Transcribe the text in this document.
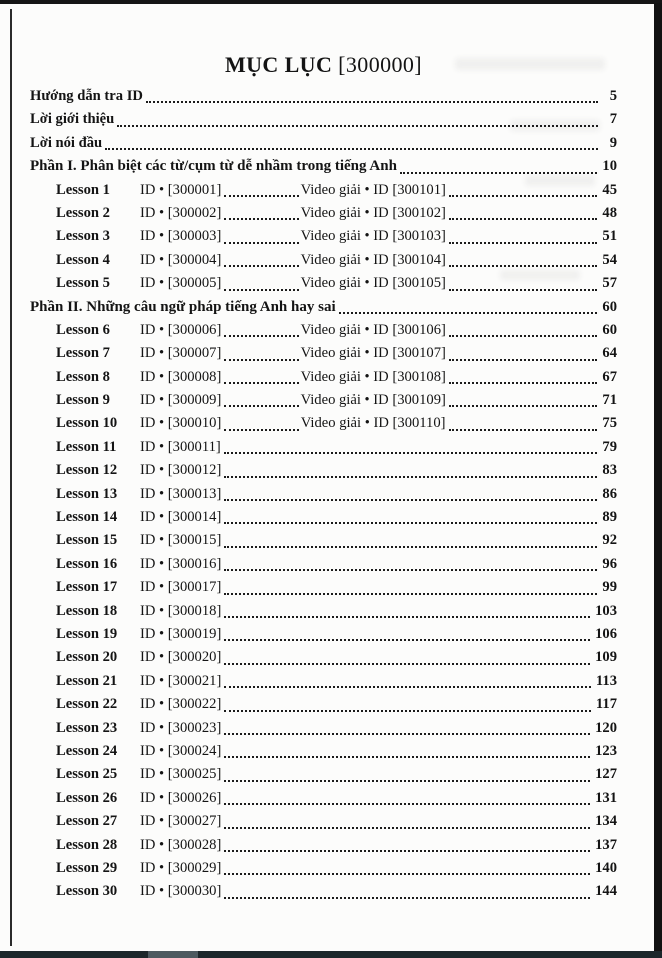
MỤC LỤC [300000]
Hướng dẫn tra ID	5
Lời giới thiệu	7
Lời nói đầu	9
Phần I. Phân biệt các từ/cụm từ dễ nhầm trong tiếng Anh	10
Lesson 1	ID • [300001]	Video giải • ID [300101]	45
Lesson 2	ID • [300002]	Video giải • ID [300102]	48
Lesson 3	ID • [300003]	Video giải • ID [300103]	51
Lesson 4	ID • [300004]	Video giải • ID [300104]	54
Lesson 5	ID • [300005]	Video giải • ID [300105]	57
Phần II. Những câu ngữ pháp tiếng Anh hay sai	60
Lesson 6	ID • [300006]	Video giải • ID [300106]	60
Lesson 7	ID • [300007]	Video giải • ID [300107]	64
Lesson 8	ID • [300008]	Video giải • ID [300108]	67
Lesson 9	ID • [300009]	Video giải • ID [300109]	71
Lesson 10	ID • [300010]	Video giải • ID [300110]	75
Lesson 11	ID • [300011]	79
Lesson 12	ID • [300012]	83
Lesson 13	ID • [300013]	86
Lesson 14	ID • [300014]	89
Lesson 15	ID • [300015]	92
Lesson 16	ID • [300016]	96
Lesson 17	ID • [300017]	99
Lesson 18	ID • [300018]	103
Lesson 19	ID • [300019]	106
Lesson 20	ID • [300020]	109
Lesson 21	ID • [300021]	113
Lesson 22	ID • [300022]	117
Lesson 23	ID • [300023]	120
Lesson 24	ID • [300024]	123
Lesson 25	ID • [300025]	127
Lesson 26	ID • [300026]	131
Lesson 27	ID • [300027]	134
Lesson 28	ID • [300028]	137
Lesson 29	ID • [300029]	140
Lesson 30	ID • [300030]	144
